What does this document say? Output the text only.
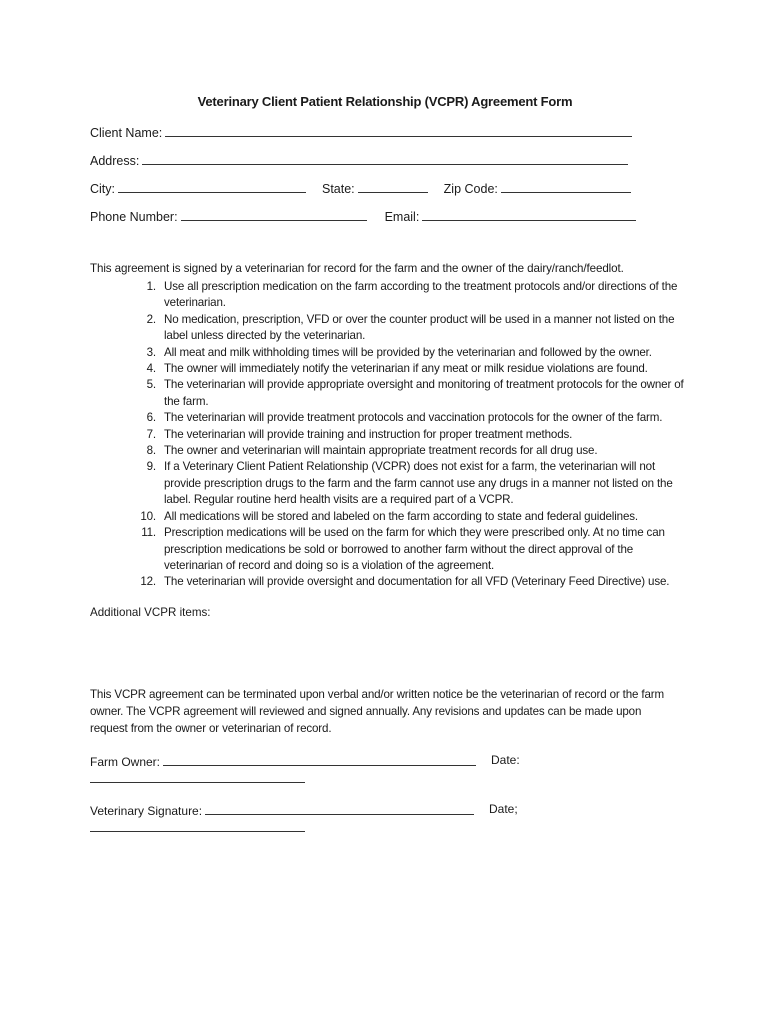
Veterinary Client Patient Relationship (VCPR) Agreement Form
Client Name:
Address:
City:	State:	Zip Code:
Phone Number:	Email:
This agreement is signed by a veterinarian for record for the farm and the owner of the dairy/ranch/feedlot.
1. Use all prescription medication on the farm according to the treatment protocols and/or directions of the veterinarian.
2. No medication, prescription, VFD or over the counter product will be used in a manner not listed on the label unless directed by the veterinarian.
3. All meat and milk withholding times will be provided by the veterinarian and followed by the owner.
4. The owner will immediately notify the veterinarian if any meat or milk residue violations are found.
5. The veterinarian will provide appropriate oversight and monitoring of treatment protocols for the owner of the farm.
6. The veterinarian will provide treatment protocols and vaccination protocols for the owner of the farm.
7. The veterinarian will provide training and instruction for proper treatment methods.
8. The owner and veterinarian will maintain appropriate treatment records for all drug use.
9. If a Veterinary Client Patient Relationship (VCPR) does not exist for a farm, the veterinarian will not provide prescription drugs to the farm and the farm cannot use any drugs in a manner not listed on the label. Regular routine herd health visits are a required part of a VCPR.
10. All medications will be stored and labeled on the farm according to state and federal guidelines.
11. Prescription medications will be used on the farm for which they were prescribed only. At no time can prescription medications be sold or borrowed to another farm without the direct approval of the veterinarian of record and doing so is a violation of the agreement.
12. The veterinarian will provide oversight and documentation for all VFD (Veterinary Feed Directive) use.
Additional VCPR items:
This VCPR agreement can be terminated upon verbal and/or written notice be the veterinarian of record or the farm owner. The VCPR agreement will reviewed and signed annually. Any revisions and updates can be made upon request from the owner or veterinarian of record.
Farm Owner:	Date:
Veterinary Signature:	Date;
